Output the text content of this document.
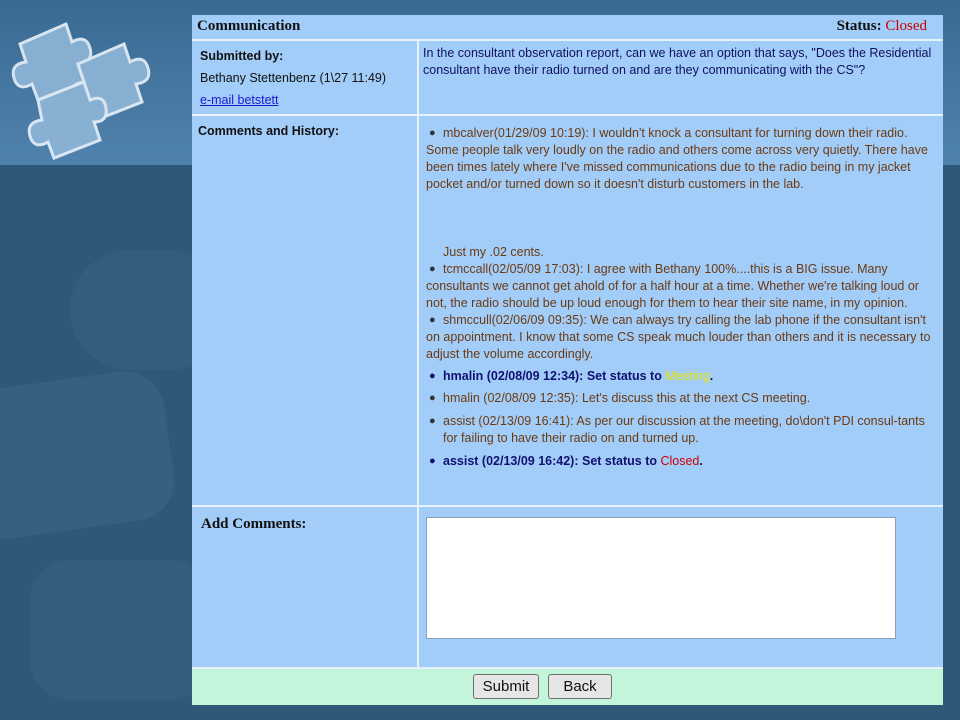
Communication	Status: Closed
Submitted by:
Bethany Stettenbenz (1\27 11:49)
e-mail betstett
In the consultant observation report, can we have an option that says, "Does the Residential consultant have their radio turned on and are they communicating with the CS"?
Comments and History:	● mbcalver(01/29/09 10:19): I wouldn't knock a consultant for turning down their radio. Some people talk very loudly on the radio and others come across very quietly. There have been times lately where I've missed communications due to the radio being in my jacket pocket and/or turned down so it doesn't disturb customers in the lab.
Just my .02 cents.
● tcmccall(02/05/09 17:03): I agree with Bethany 100%....this is a BIG issue. Many consultants we cannot get ahold of for a half hour at a time. Whether we're talking loud or not, the radio should be up loud enough for them to hear their site name, in my opinion.
● shmccull(02/06/09 09:35): We can always try calling the lab phone if the consultant isn't on appointment. I know that some CS speak much louder than others and it is necessary to adjust the volume accordingly.
● hmalin (02/08/09 12:34): Set status to Meeting.
● hmalin (02/08/09 12:35): Let's discuss this at the next CS meeting.
● assist (02/13/09 16:41): As per our discussion at the meeting, do\don't PDI consul-tants for failing to have their radio on and turned up.
● assist (02/13/09 16:42): Set status to Closed.
Add Comments:
Submit	Back
